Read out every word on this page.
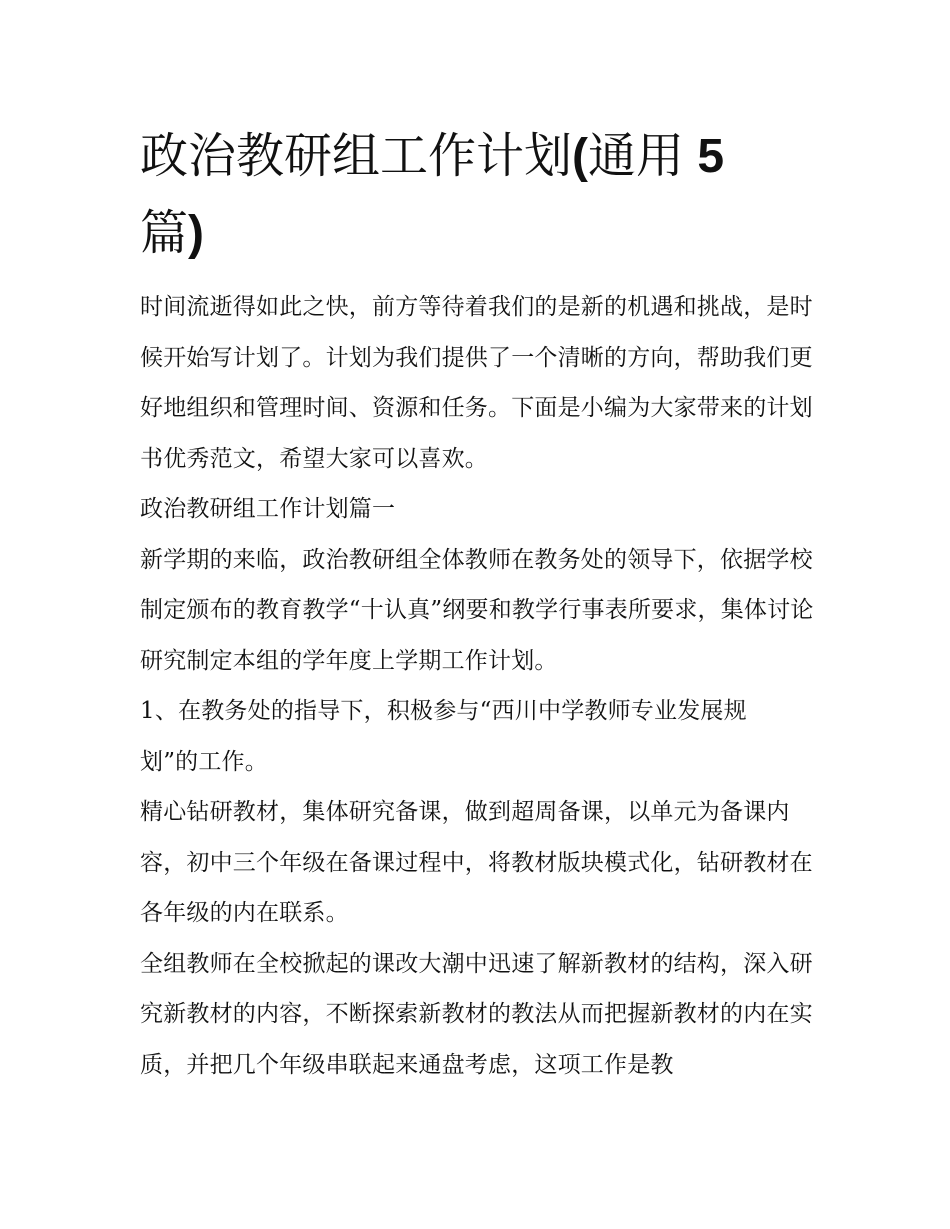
政治教研组工作计划(通用 5
篇)

时间流逝得如此之快，前方等待着我们的是新的机遇和挑战，是时候开始写计划了。计划为我们提供了一个清晰的方向，帮助我们更好地组织和管理时间、资源和任务。下面是小编为大家带来的计划书优秀范文，希望大家可以喜欢。

政治教研组工作计划篇一

新学期的来临，政治教研组全体教师在教务处的领导下，依据学校制定颁布的教育教学“十认真”纲要和教学行事表所要求，集体讨论研究制定本组的学年度上学期工作计划。

1、在教务处的指导下，积极参与“西川中学教师专业发展规划”的工作。

精心钻研教材，集体研究备课，做到超周备课，以单元为备课内容，初中三个年级在备课过程中，将教材版块模式化，钻研教材在各年级的内在联系。

全组教师在全校掀起的课改大潮中迅速了解新教材的结构，深入研究新教材的内容，不断探索新教材的教法从而把握新教材的内在实质，并把几个年级串联起来通盘考虑，这项工作是教
